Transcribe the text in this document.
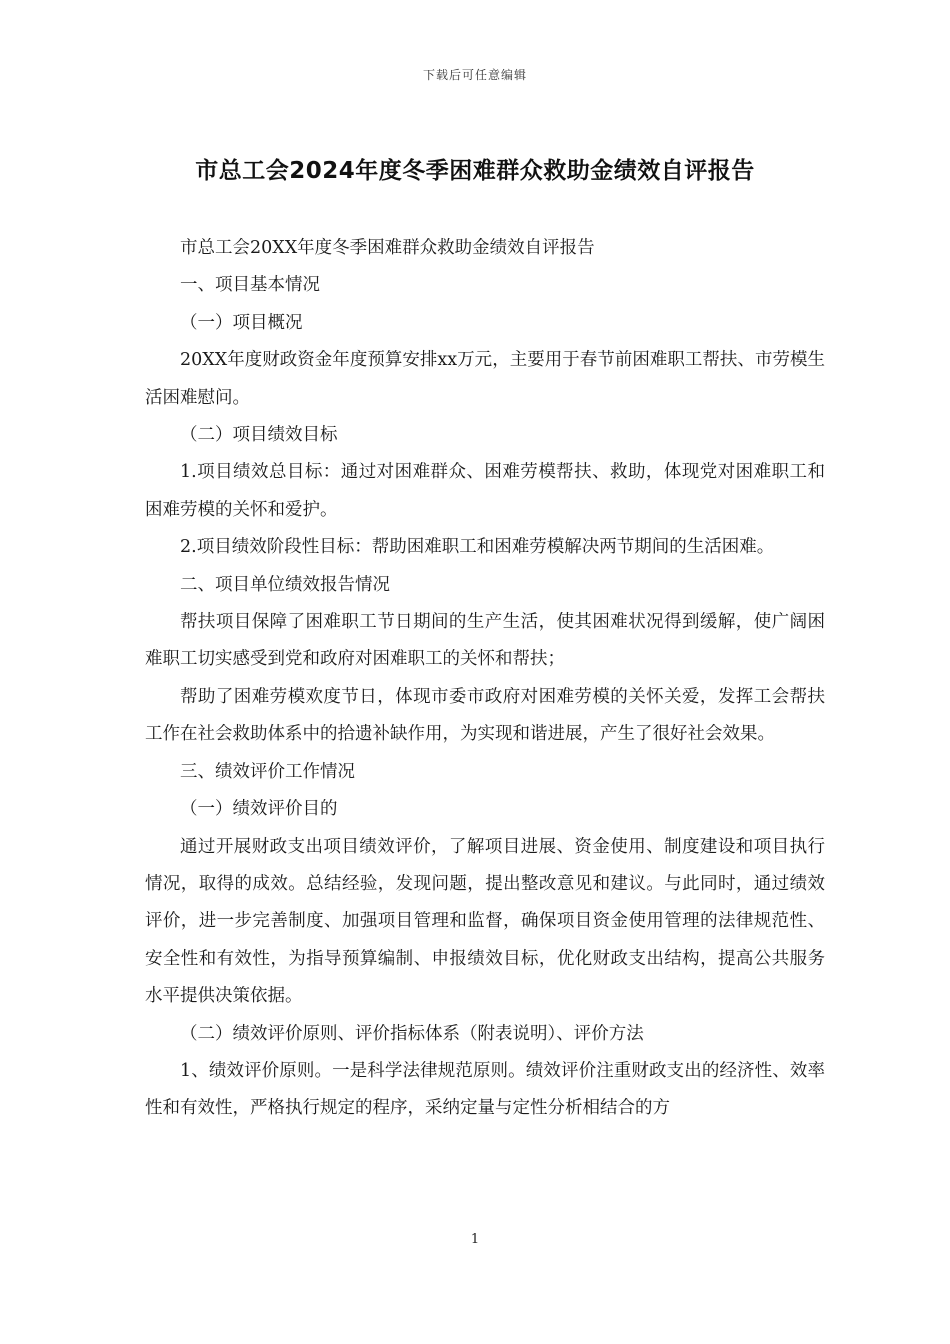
下载后可任意编辑
市总工会2024年度冬季困难群众救助金绩效自评报告

市总工会20XX年度冬季困难群众救助金绩效自评报告

一、项目基本情况

（一）项目概况

20XX年度财政资金年度预算安排xx万元，主要用于春节前困难职工帮扶、市劳模生活困难慰问。

（二）项目绩效目标

1.项目绩效总目标：通过对困难群众、困难劳模帮扶、救助，体现党对困难职工和困难劳模的关怀和爱护。

2.项目绩效阶段性目标：帮助困难职工和困难劳模解决两节期间的生活困难。

二、项目单位绩效报告情况

帮扶项目保障了困难职工节日期间的生产生活，使其困难状况得到缓解，使广阔困难职工切实感受到党和政府对困难职工的关怀和帮扶；

帮助了困难劳模欢度节日，体现市委市政府对困难劳模的关怀关爱，发挥工会帮扶工作在社会救助体系中的拾遗补缺作用，为实现和谐进展，产生了很好社会效果。

三、绩效评价工作情况

（一）绩效评价目的

通过开展财政支出项目绩效评价，了解项目进展、资金使用、制度建设和项目执行情况，取得的成效。总结经验，发现问题，提出整改意见和建议。与此同时，通过绩效评价，进一步完善制度、加强项目管理和监督，确保项目资金使用管理的法律规范性、安全性和有效性，为指导预算编制、申报绩效目标，优化财政支出结构，提高公共服务水平提供决策依据。

（二）绩效评价原则、评价指标体系（附表说明）、评价方法

1、绩效评价原则。一是科学法律规范原则。绩效评价注重财政支出的经济性、效率性和有效性，严格执行规定的程序，采纳定量与定性分析相结合的方

1
